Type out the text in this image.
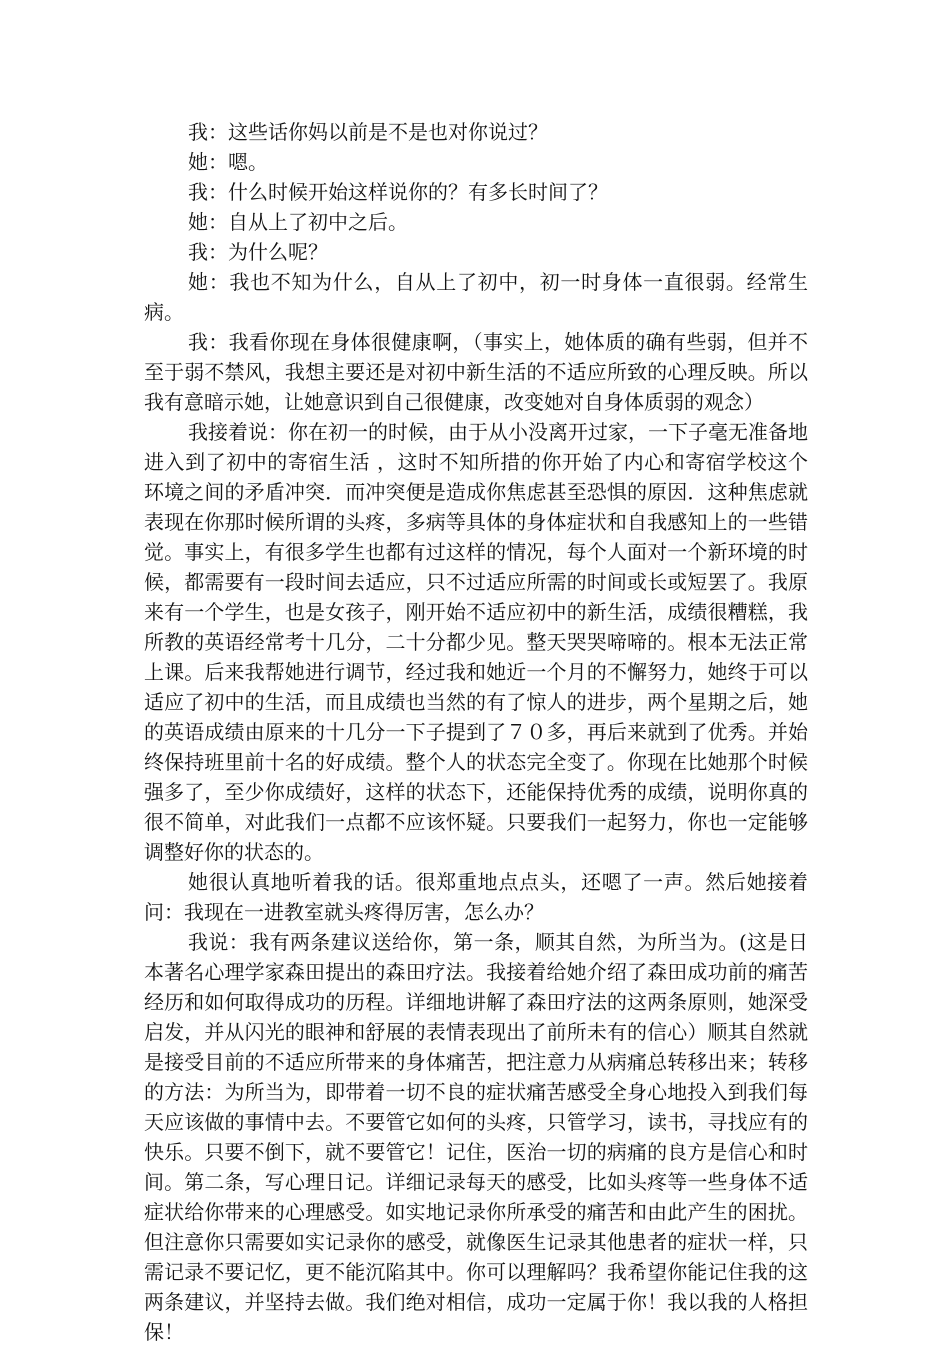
我：这些话你妈以前是不是也对你说过？

她：嗯。

我：什么时候开始这样说你的？有多长时间了？

她：自从上了初中之后。

我：为什么呢？

她：我也不知为什么，自从上了初中，初一时身体一直很弱。经常生病。

我：我看你现在身体很健康啊，（事实上，她体质的确有些弱，但并不至于弱不禁风，我想主要还是对初中新生活的不适应所致的心理反映。所以我有意暗示她，让她意识到自己很健康，改变她对自身体质弱的观念）

我接着说：你在初一的时候，由于从小没离开过家，一下子毫无准备地进入到了初中的寄宿生活 ，这时不知所措的你开始了内心和寄宿学校这个环境之间的矛盾冲突．而冲突便是造成你焦虑甚至恐惧的原因．这种焦虑就表现在你那时候所谓的头疼，多病等具体的身体症状和自我感知上的一些错觉。事实上，有很多学生也都有过这样的情况，每个人面对一个新环境的时候，都需要有一段时间去适应，只不过适应所需的时间或长或短罢了。我原来有一个学生，也是女孩子，刚开始不适应初中的新生活，成绩很糟糕，我所教的英语经常考十几分，二十分都少见。整天哭哭啼啼的。根本无法正常上课。后来我帮她进行调节，经过我和她近一个月的不懈努力，她终于可以适应了初中的生活，而且成绩也当然的有了惊人的进步，两个星期之后，她的英语成绩由原来的十几分一下子提到了７０多，再后来就到了优秀。并始终保持班里前十名的好成绩。整个人的状态完全变了。你现在比她那个时候强多了，至少你成绩好，这样的状态下，还能保持优秀的成绩，说明你真的很不简单，对此我们一点都不应该怀疑。只要我们一起努力，你也一定能够调整好你的状态的。

她很认真地听着我的话。很郑重地点点头，还嗯了一声。然后她接着问：我现在一进教室就头疼得厉害，怎么办？

我说：我有两条建议送给你，第一条，顺其自然，为所当为。(这是日本著名心理学家森田提出的森田疗法。我接着给她介绍了森田成功前的痛苦经历和如何取得成功的历程。详细地讲解了森田疗法的这两条原则，她深受启发，并从闪光的眼神和舒展的表情表现出了前所未有的信心）顺其自然就是接受目前的不适应所带来的身体痛苦，把注意力从病痛总转移出来；转移的方法：为所当为，即带着一切不良的症状痛苦感受全身心地投入到我们每天应该做的事情中去。不要管它如何的头疼，只管学习，读书，寻找应有的快乐。只要不倒下，就不要管它！记住，医治一切的病痛的良方是信心和时间。第二条，写心理日记。详细记录每天的感受，比如头疼等一些身体不适症状给你带来的心理感受。如实地记录你所承受的痛苦和由此产生的困扰。但注意你只需要如实记录你的感受，就像医生记录其他患者的症状一样，只需记录不要记忆，更不能沉陷其中。你可以理解吗？我希望你能记住我的这两条建议，并坚持去做。我们绝对相信，成功一定属于你！我以我的人格担保！
